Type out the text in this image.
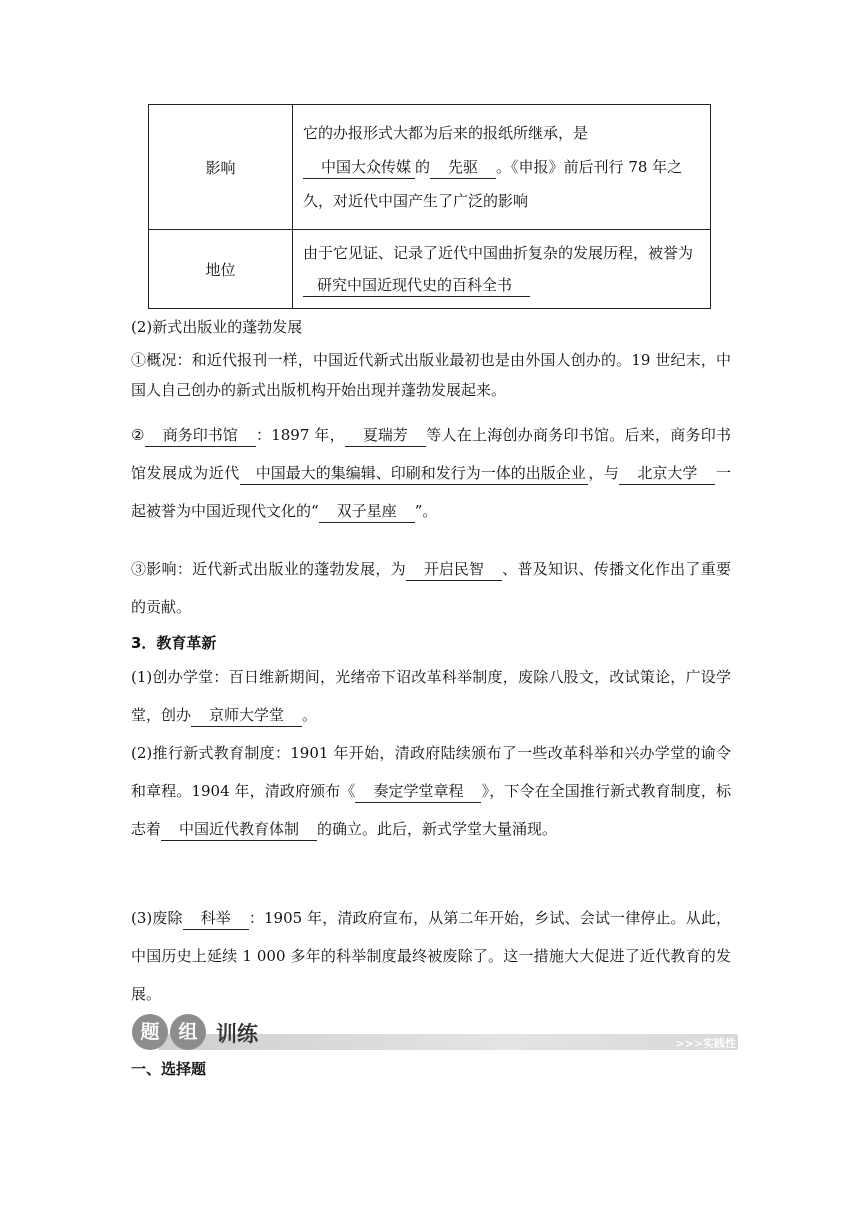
影响	它的办报形式大都为后来的报纸所继承，是中国大众传媒 的 先驱 。《申报》前后刊行 78 年之久，对近代中国产生了广泛的影响
地位	由于它见证、记录了近代中国曲折复杂的发展历程，被誉为研究中国近现代史的百科全书
(2)新式出版业的蓬勃发展
①概况：和近代报刊一样，中国近代新式出版业最初也是由外国人创办的。19 世纪末，中国人自己创办的新式出版机构开始出现并蓬勃发展起来。
② 商务印书馆 ：1897 年， 夏瑞芳 等人在上海创办商务印书馆。后来，商务印书馆发展成为近代 中国最大的集编辑、印刷和发行为一体的出版企业 ，与 北京大学 一起被誉为中国近现代文化的“ 双子星座 ”。
③影响：近代新式出版业的蓬勃发展，为 开启民智 、普及知识、传播文化作出了重要的贡献。
3．教育革新
(1)创办学堂：百日维新期间，光绪帝下诏改革科举制度，废除八股文，改试策论，广设学堂，创办 京师大学堂 。
(2)推行新式教育制度：1901 年开始，清政府陆续颁布了一些改革科举和兴办学堂的谕令和章程。1904 年，清政府颁布《 奏定学堂章程 》，下令在全国推行新式教育制度，标志着 中国近代教育体制 的确立。此后，新式学堂大量涌现。
(3)废除 科举 ：1905 年，清政府宣布，从第二年开始，乡试、会试一律停止。从此，中国历史上延续 1 000 多年的科举制度最终被废除了。这一措施大大促进了近代教育的发展。
题 组 训练	>>>实践性
一、选择题
